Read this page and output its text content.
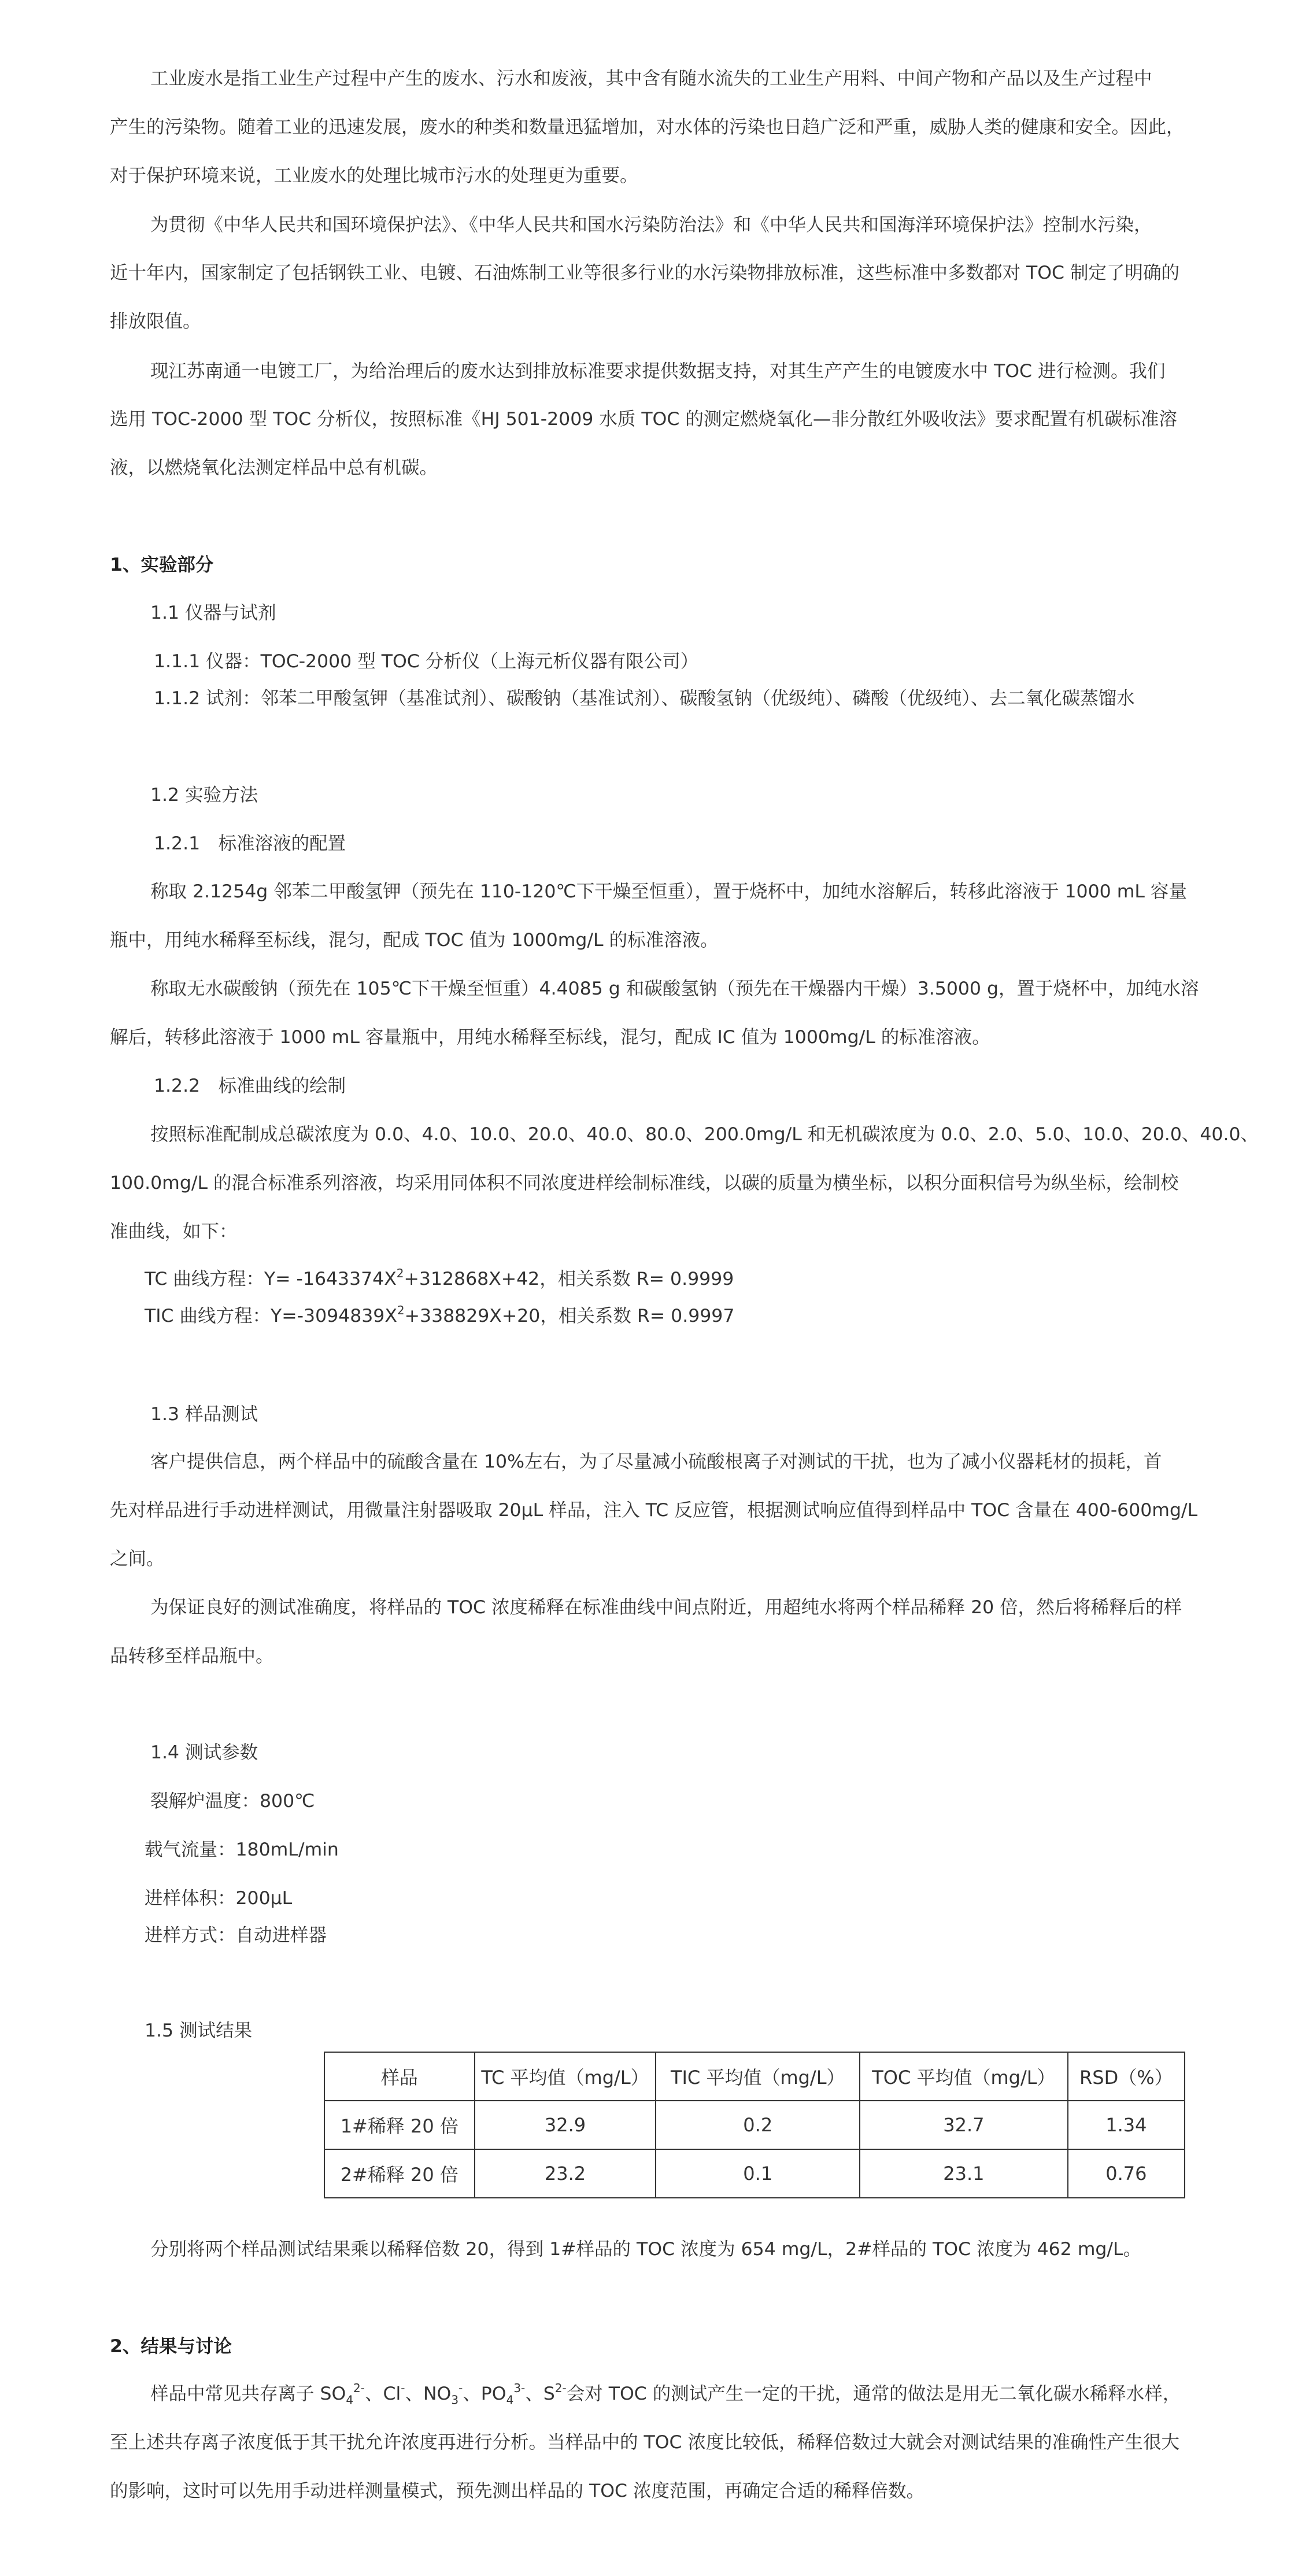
工业废水是指工业生产过程中产生的废水、污水和废液，其中含有随水流失的工业生产用料、中间产物和产品以及生产过程中
产生的污染物。随着工业的迅速发展，废水的种类和数量迅猛增加，对水体的污染也日趋广泛和严重，威胁人类的健康和安全。因此，
对于保护环境来说，工业废水的处理比城市污水的处理更为重要。
为贯彻《中华人民共和国环境保护法》、《中华人民共和国水污染防治法》和《中华人民共和国海洋环境保护法》控制水污染，
近十年内，国家制定了包括钢铁工业、电镀、石油炼制工业等很多行业的水污染物排放标准，这些标准中多数都对 TOC 制定了明确的
排放限值。
现江苏南通一电镀工厂，为给治理后的废水达到排放标准要求提供数据支持，对其生产产生的电镀废水中 TOC 进行检测。我们
选用 TOC-2000 型 TOC 分析仪，按照标准《HJ 501-2009 水质 TOC 的测定燃烧氧化—非分散红外吸收法》要求配置有机碳标准溶
液，以燃烧氧化法测定样品中总有机碳。
1、实验部分
1.1 仪器与试剂
1.1.1 仪器：TOC-2000 型 TOC 分析仪（上海元析仪器有限公司）
1.1.2 试剂：邻苯二甲酸氢钾（基准试剂）、碳酸钠（基准试剂）、碳酸氢钠（优级纯）、磷酸（优级纯）、去二氧化碳蒸馏水
1.2 实验方法
1.2.1　标准溶液的配置
称取 2.1254g 邻苯二甲酸氢钾（预先在 110-120℃下干燥至恒重），置于烧杯中，加纯水溶解后，转移此溶液于 1000 mL 容量
瓶中，用纯水稀释至标线，混匀，配成 TOC 值为 1000mg/L 的标准溶液。
称取无水碳酸钠（预先在 105℃下干燥至恒重）4.4085 g 和碳酸氢钠（预先在干燥器内干燥）3.5000 g，置于烧杯中，加纯水溶
解后，转移此溶液于 1000 mL 容量瓶中，用纯水稀释至标线，混匀，配成 IC 值为 1000mg/L 的标准溶液。
1.2.2　标准曲线的绘制
按照标准配制成总碳浓度为 0.0、4.0、10.0、20.0、40.0、80.0、200.0mg/L 和无机碳浓度为 0.0、2.0、5.0、10.0、20.0、40.0、
100.0mg/L 的混合标准系列溶液，均采用同体积不同浓度进样绘制标准线，以碳的质量为横坐标，以积分面积信号为纵坐标，绘制校
准曲线，如下：
TC 曲线方程：$Y= -1643374X^2+312868X+42$，相关系数 R= 0.9999
TIC 曲线方程：$Y=-3094839X^2+338829X+20$，相关系数 R= 0.9997
1.3 样品测试
客户提供信息，两个样品中的硫酸含量在 10%左右，为了尽量减小硫酸根离子对测试的干扰，也为了减小仪器耗材的损耗，首
先对样品进行手动进样测试，用微量注射器吸取 20μL 样品，注入 TC 反应管，根据测试响应值得到样品中 TOC 含量在 400-600mg/L
之间。
为保证良好的测试准确度，将样品的 TOC 浓度稀释在标准曲线中间点附近，用超纯水将两个样品稀释 20 倍，然后将稀释后的样
品转移至样品瓶中。
1.4 测试参数
裂解炉温度：800℃
载气流量：180mL/min
进样体积：200μL
进样方式：自动进样器
1.5 测试结果
样品	TC 平均值（mg/L）	TIC 平均值（mg/L）	TOC 平均值（mg/L）	RSD（%）
1#稀释 20 倍	32.9	0.2	32.7	1.34
2#稀释 20 倍	23.2	0.1	23.1	0.76
分别将两个样品测试结果乘以稀释倍数 20，得到 1#样品的 TOC 浓度为 654 mg/L，2#样品的 TOC 浓度为 462 mg/L。
2、结果与讨论
样品中常见共存离子 $SO_4^{2-}$、Cl-、$NO_3^-$、$PO_4^{3-}$、$S^{2-}$会对 TOC 的测试产生一定的干扰，通常的做法是用无二氧化碳水稀释水样，
至上述共存离子浓度低于其干扰允许浓度再进行分析。当样品中的 TOC 浓度比较低，稀释倍数过大就会对测试结果的准确性产生很大
的影响，这时可以先用手动进样测量模式，预先测出样品的 TOC 浓度范围，再确定合适的稀释倍数。
